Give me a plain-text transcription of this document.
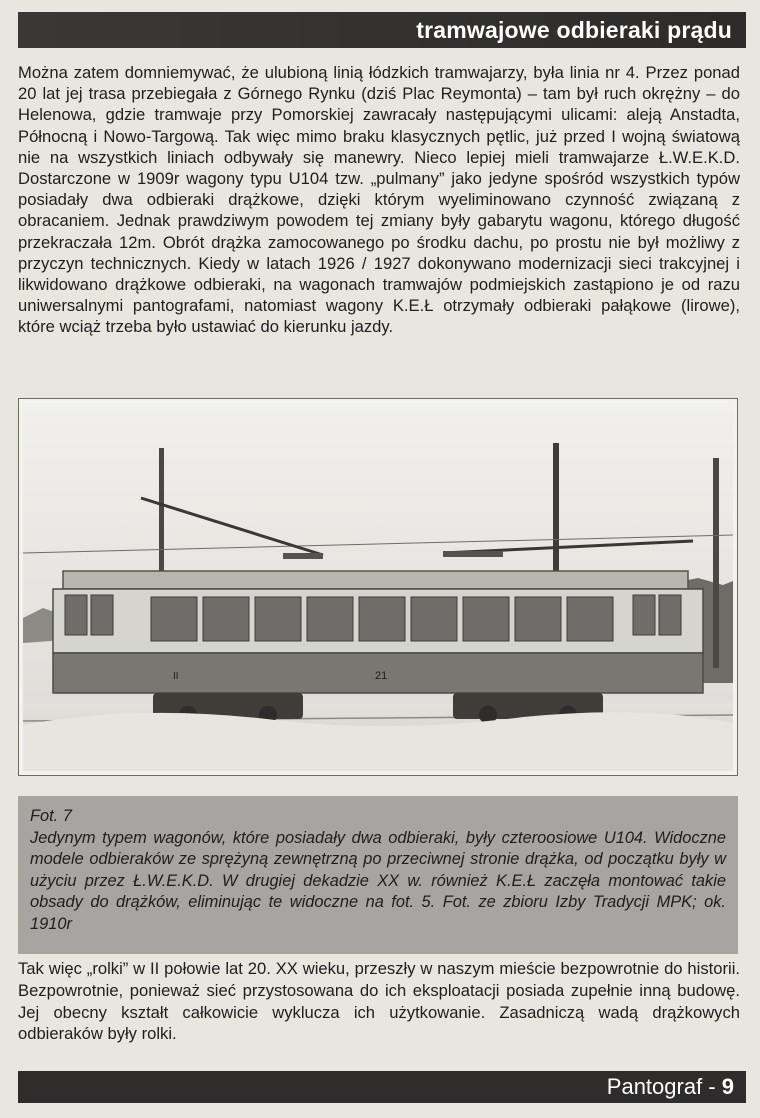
tramwajowe odbieraki prądu

Można zatem domniemywać, że ulubioną linią łódzkich tramwajarzy, była linia nr 4. Przez ponad 20 lat jej trasa przebiegała z Górnego Rynku (dziś Plac Reymonta) – tam był ruch okrężny – do Helenowa, gdzie tramwaje przy Pomorskiej zawracały następującymi ulicami: aleją Anstadta, Północną i Nowo-Targową. Tak więc mimo braku klasycznych pętlic, już przed I wojną światową nie na wszystkich liniach odbywały się manewry. Nieco lepiej mieli tramwajarze Ł.W.E.K.D. Dostarczone w 1909r wagony typu U104 tzw. „pulmany” jako jedyne spośród wszystkich typów posiadały dwa odbieraki drążkowe, dzięki którym wyeliminowano czynność związaną z obracaniem. Jednak prawdziwym powodem tej zmiany były gabarytu wagonu, którego długość przekraczała 12m. Obrót drążka zamocowanego po środku dachu, po prostu nie był możliwy z przyczyn technicznych. Kiedy w latach 1926 / 1927 dokonywano modernizacji sieci trakcyjnej i likwidowano drążkowe odbieraki, na wagonach tramwajów podmiejskich zastąpiono je od razu uniwersalnymi pantografami, natomiast wagony K.E.Ł otrzymały odbieraki pałąkowe (lirowe), które wciąż trzeba było ustawiać do kierunku jazdy.

21
II
Fot. 7
Jedynym typem wagonów, które posiadały dwa odbieraki, były czteroosiowe U104. Widoczne modele odbieraków ze sprężyną zewnętrzną po przeciwnej stronie drążka, od początku były w użyciu przez Ł.W.E.K.D. W drugiej dekadzie XX w. również K.E.Ł zaczęła montować takie obsady do drążków, eliminując te widoczne na fot. 5. Fot. ze zbioru Izby Tradycji MPK; ok. 1910r

Tak więc „rolki” w II połowie lat 20. XX wieku, przeszły w naszym mieście bezpowrotnie do historii. Bezpowrotnie, ponieważ sieć przystosowana do ich eksploatacji posiada zupełnie inną budowę. Jej obecny kształt całkowicie wyklucza ich użytkowanie. Zasadniczą wadą drążkowych odbieraków były rolki.

Pantograf - 9
